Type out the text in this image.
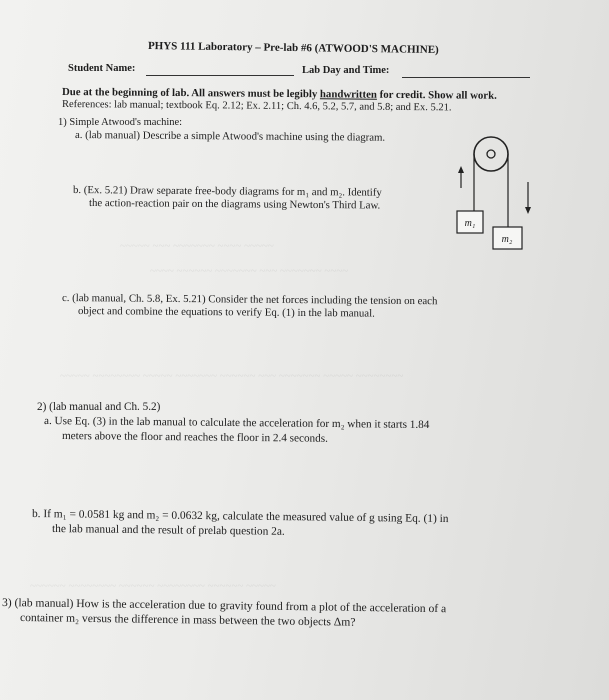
~~~~~ ~~~ ~~~~~~~ ~~~~ ~~~~~
~~~~ ~~~~~~ ~~~~~~~ ~~~ ~~~~~~~ ~~~~
~~~~~ ~~~~~~~~ ~~~~~ ~~~~~~~ ~~~~~~ ~~~ ~~~~~~~ ~~~~~ ~~~~~~~~
~~~~~~ ~~~~~~~~ ~~~~~~ ~~~~~~~~ ~~~~~~ ~~~~~
PHYS 111 Laboratory – Pre-lab #6 (ATWOOD'S MACHINE)
Student Name:	Lab Day and Time:
Due at the beginning of lab. All answers must be legibly handwritten for credit. Show all work.
References: lab manual; textbook Eq. 2.12; Ex. 2.11; Ch. 4.6, 5.2, 5.7, and 5.8; and Ex. 5.21.
1) Simple Atwood's machine:
a. (lab manual) Describe a simple Atwood's machine using the diagram.
b. (Ex. 5.21) Draw separate free-body diagrams for m₁ and m₂. Identify
the action-reaction pair on the diagrams using Newton's Third Law.
m₁
m₂
c. (lab manual, Ch. 5.8, Ex. 5.21) Consider the net forces including the tension on each
object and combine the equations to verify Eq. (1) in the lab manual.
2) (lab manual and Ch. 5.2)
a. Use Eq. (3) in the lab manual to calculate the acceleration for m₂ when it starts 1.84
meters above the floor and reaches the floor in 2.4 seconds.
b. If m₁ = 0.0581 kg and m₂ = 0.0632 kg, calculate the measured value of g using Eq. (1) in
the lab manual and the result of prelab question 2a.
3) (lab manual) How is the acceleration due to gravity found from a plot of the acceleration of a
container m₂ versus the difference in mass between the two objects Δm?
